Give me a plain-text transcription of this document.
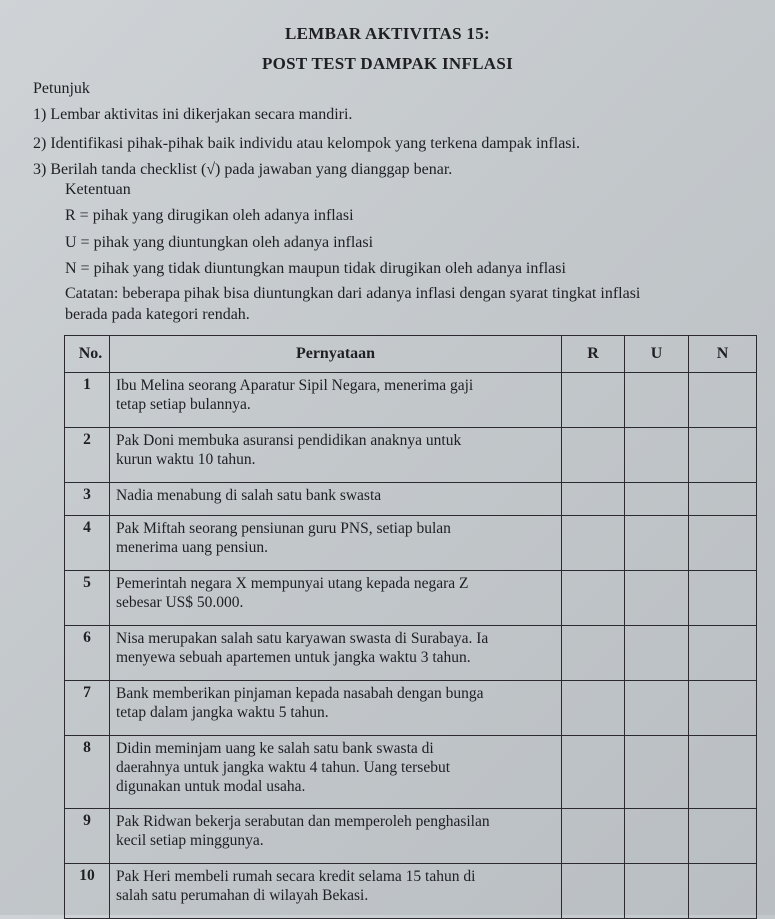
LEMBAR AKTIVITAS 15:
POST TEST DAMPAK INFLASI
Petunjuk
1) Lembar aktivitas ini dikerjakan secara mandiri.
2) Identifikasi pihak-pihak baik individu atau kelompok yang terkena dampak inflasi.
3) Berilah tanda checklist (√) pada jawaban yang dianggap benar.
Ketentuan
R = pihak yang dirugikan oleh adanya inflasi
U = pihak yang diuntungkan oleh adanya inflasi
N = pihak yang tidak diuntungkan maupun tidak dirugikan oleh adanya inflasi
Catatan: beberapa pihak bisa diuntungkan dari adanya inflasi dengan syarat tingkat inflasi
berada pada kategori rendah.
No.	Pernyataan	R	U	N
1	Ibu Melina seorang Aparatur Sipil Negara, menerima gaji
tetap setiap bulannya.			

2	Pak Doni membuka asuransi pendidikan anaknya untuk
kurun waktu 10 tahun.			

3	Nadia menabung di salah satu bank swasta			

4	Pak Miftah seorang pensiunan guru PNS, setiap bulan
menerima uang pensiun.			

5	Pemerintah negara X mempunyai utang kepada negara Z
sebesar US$ 50.000.			

6	Nisa merupakan salah satu karyawan swasta di Surabaya. Ia
menyewa sebuah apartemen untuk jangka waktu 3 tahun.			

7	Bank memberikan pinjaman kepada nasabah dengan bunga
tetap dalam jangka waktu 5 tahun.			

8	Didin meminjam uang ke salah satu bank swasta di
daerahnya untuk jangka waktu 4 tahun. Uang tersebut
digunakan untuk modal usaha.			

9	Pak Ridwan bekerja serabutan dan memperoleh penghasilan
kecil setiap minggunya.			

10	Pak Heri membeli rumah secara kredit selama 15 tahun di
salah satu perumahan di wilayah Bekasi.			
